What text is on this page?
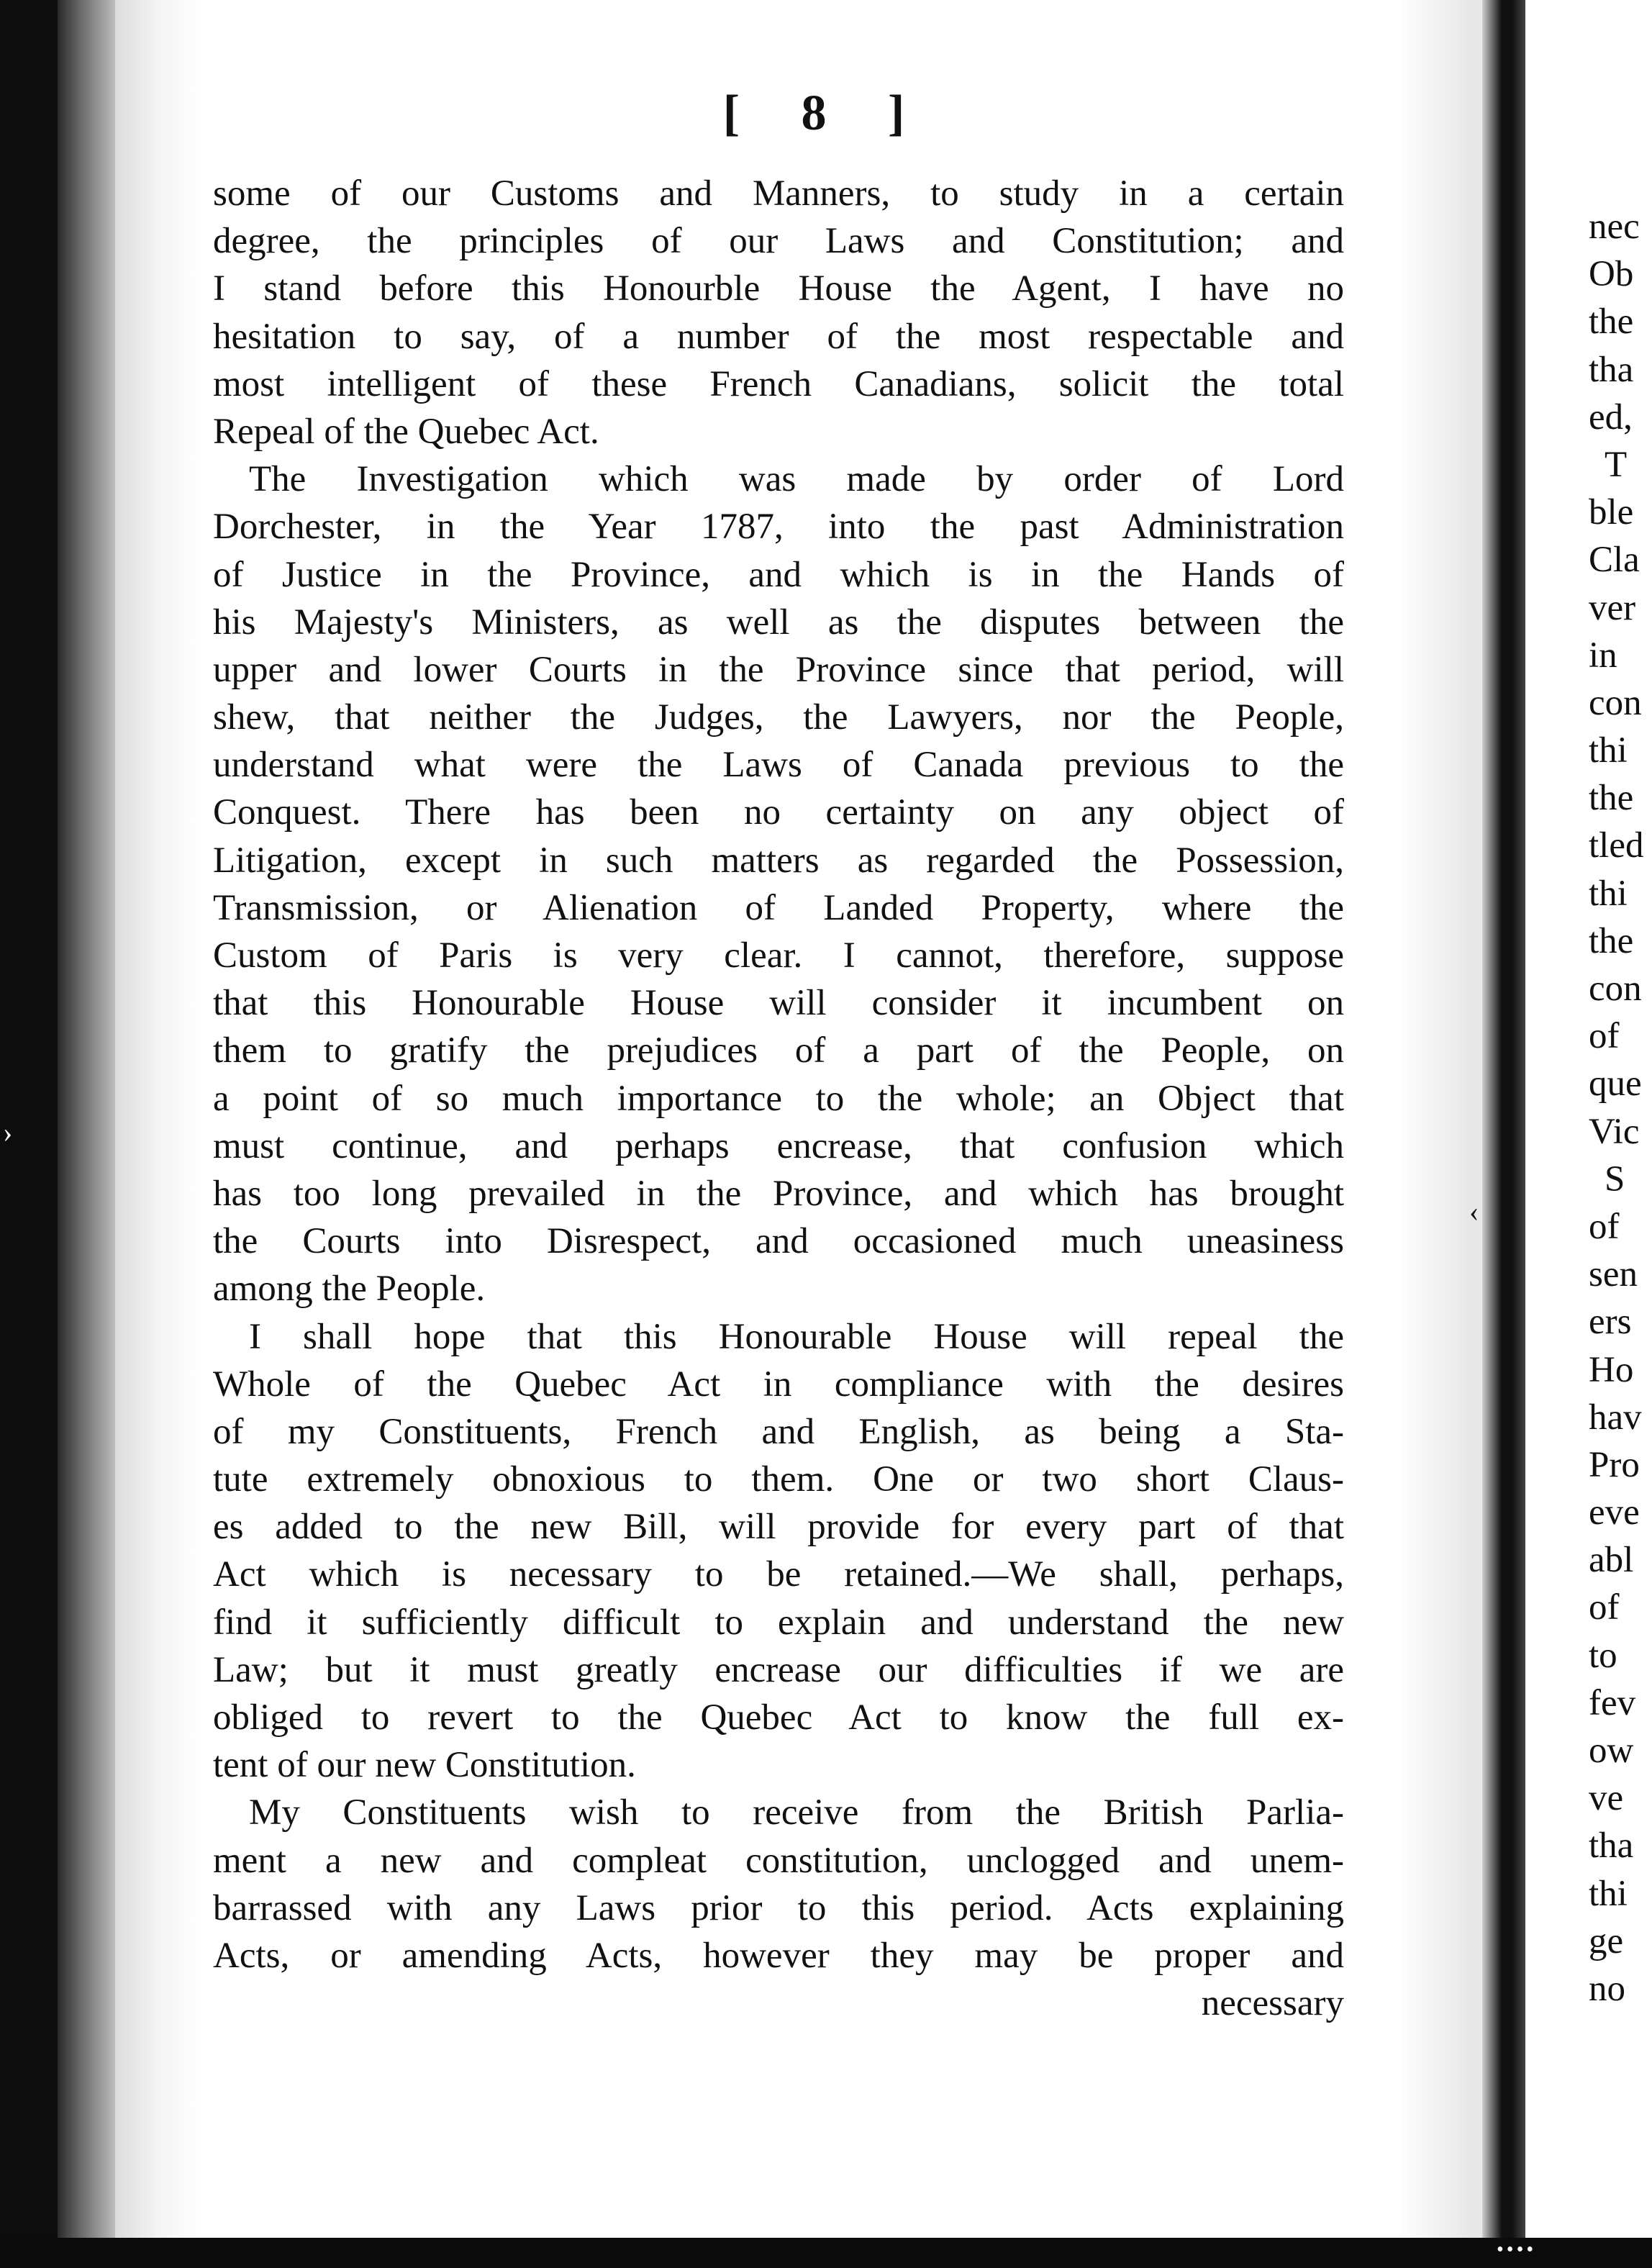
[ 8 ]
some of our Customs and Manners, to study in a certain
degree, the principles of our Laws and Constitution; and
I stand before this Honourble House the Agent, I have no
hesitation to say, of a number of the most respectable and
most intelligent of these French Canadians, solicit the total
Repeal of the Quebec Act.
The Investigation which was made by order of Lord
Dorchester, in the Year 1787, into the past Administration
of Justice in the Province, and which is in the Hands of
his Majesty's Ministers, as well as the disputes between the
upper and lower Courts in the Province since that period, will
shew, that neither the Judges, the Lawyers, nor the People,
understand what were the Laws of Canada previous to the
Conquest. There has been no certainty on any object of
Litigation, except in such matters as regarded the Possession,
Transmission, or Alienation of Landed Property, where the
Custom of Paris is very clear. I cannot, therefore, suppose
that this Honourable House will consider it incumbent on
them to gratify the prejudices of a part of the People, on
a point of so much importance to the whole; an Object that
must continue, and perhaps encrease, that confusion which
has too long prevailed in the Province, and which has brought
the Courts into Disrespect, and occasioned much uneasiness
among the People.
I shall hope that this Honourable House will repeal the
Whole of the Quebec Act in compliance with the desires
of my Constituents, French and English, as being a Sta-
tute extremely obnoxious to them. One or two short Claus-
es added to the new Bill, will provide for every part of that
Act which is necessary to be retained.—We shall, perhaps,
find it sufficiently difficult to explain and understand the new
Law; but it must greatly encrease our difficulties if we are
obliged to revert to the Quebec Act to know the full ex-
tent of our new Constitution.
My Constituents wish to receive from the British Parlia-
ment a new and compleat constitution, unclogged and unem-
barrassed with any Laws prior to this period. Acts explaining
Acts, or amending Acts, however they may be proper and
necessary
nec
Ob
the
tha
ed,
T
ble
Cla
ver
in
con
thi
the
tled
thi
the
con
of
que
Vic
S
of
sen
ers
Ho
hav
Pro
eve
abl
of
to
fev
ow
ve
tha
thi
ge
no
‹
›
••••
